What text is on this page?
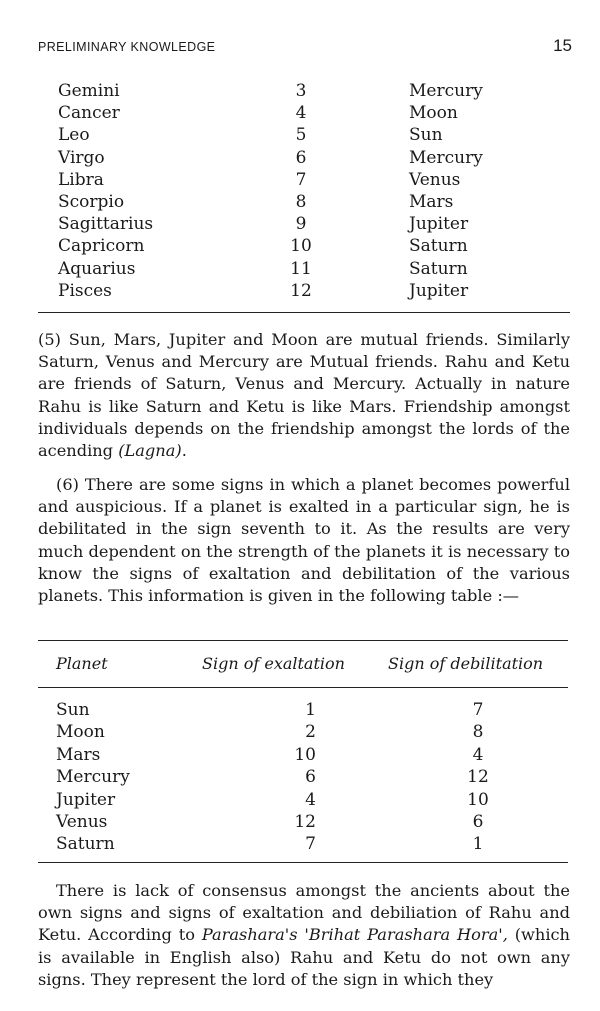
PRELIMINARY KNOWLEDGE	15
Gemini	3	Mercury
Cancer	4	Moon
Leo	5	Sun
Virgo	6	Mercury
Libra	7	Venus
Scorpio	8	Mars
Sagittarius	9	Jupiter
Capricorn	10	Saturn
Aquarius	11	Saturn
Pisces	12	Jupiter

(5) Sun, Mars, Jupiter and Moon are mutual friends. Similarly Saturn, Venus and Mercury are Mutual friends. Rahu and Ketu are friends of Saturn, Venus and Mercury. Actually in nature Rahu is like Saturn and Ketu is like Mars. Friendship amongst individuals depends on the friendship amongst the lords of the acending (Lagna).

(6) There are some signs in which a planet becomes powerful and auspicious. If a planet is exalted in a particular sign, he is debilitated in the sign seventh to it. As the results are very much dependent on the strength of the planets it is necessary to know the signs of exaltation and debilitation of the various planets. This information is given in the following table :—

Planet	Sign of exaltation	Sign of debilitation
Sun	1	7
Moon	2	8
Mars	10	4
Mercury	6	12
Jupiter	4	10
Venus	12	6
Saturn	7	1

There is lack of consensus amongst the ancients about the own signs and signs of exaltation and debiliation of Rahu and Ketu. According to Parashara's 'Brihat Parashara Hora', (which is available in English also) Rahu and Ketu do not own any signs. They represent the lord of the sign in which they
